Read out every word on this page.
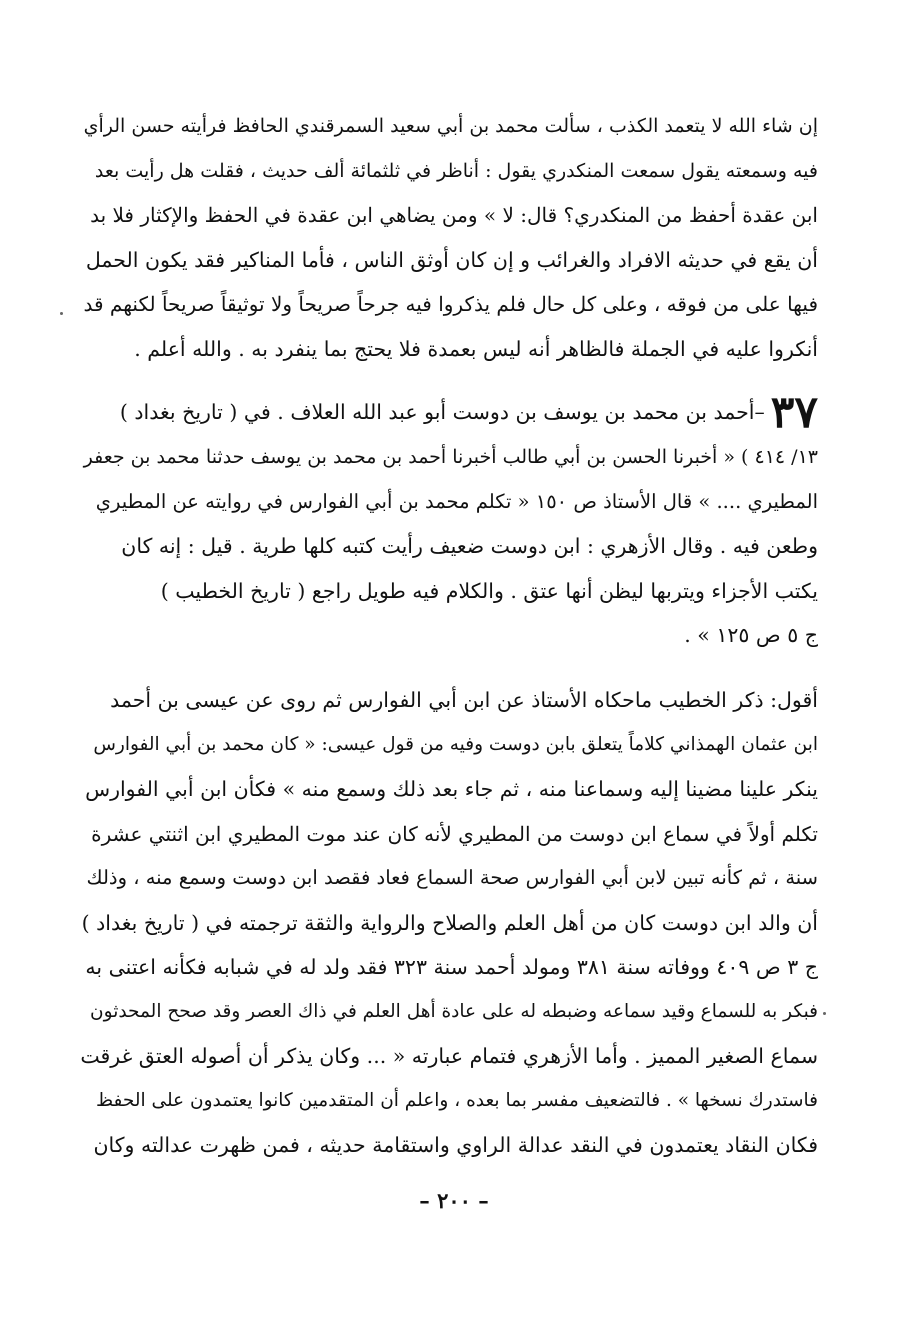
إن شاء الله لا يتعمد الكذب ، سألت محمد بن أبي سعيد السمرقندي الحافظ فرأيته حسن الرأي
فيه وسمعته يقول سمعت المنكدري يقول : أناظر في ثلثمائة ألف حديث ، فقلت هل رأيت بعد
ابن عقدة أحفظ من المنكدري؟ قال: لا » ومن يضاهي ابن عقدة في الحفظ والإكثار فلا بد
أن يقع في حديثه الافراد والغرائب و إن كان أوثق الناس ، فأما المناكير فقد يكون الحمل
فيها على من فوقه ، وعلى كل حال فلم يذكروا فيه جرحاً صريحاً ولا توثيقاً صريحاً لكنهم قد
أنكروا عليه في الجملة فالظاهر أنه ليس بعمدة فلا يحتج بما ينفرد به . والله أعلم .
٣٧–أحمد بن محمد بن يوسف بن دوست أبو عبد الله العلاف . في ( تاريخ بغداد )
١٣/ ٤١٤ ) « أخبرنا الحسن بن أبي طالب أخبرنا أحمد بن محمد بن يوسف حدثنا محمد بن جعفر
المطيري .... » قال الأستاذ ص ١٥٠ « تكلم محمد بن أبي الفوارس في روايته عن المطيري
وطعن فيه . وقال الأزهري : ابن دوست ضعيف رأيت كتبه كلها طرية . قيل : إنه كان
يكتب الأجزاء ويتربها ليظن أنها عتق . والكلام فيه طويل راجع ( تاريخ الخطيب )
ج ٥ ص ١٢٥ » .
أقول: ذكر الخطيب ماحكاه الأستاذ عن ابن أبي الفوارس ثم روى عن عيسى بن أحمد
ابن عثمان الهمذاني كلاماً يتعلق بابن دوست وفيه من قول عيسى: « كان محمد بن أبي الفوارس
ينكر علينا مضينا إليه وسماعنا منه ، ثم جاء بعد ذلك وسمع منه » فكأن ابن أبي الفوارس
تكلم أولاً في سماع ابن دوست من المطيري لأنه كان عند موت المطيري ابن اثنتي عشرة
سنة ، ثم كأنه تبين لابن أبي الفوارس صحة السماع فعاد فقصد ابن دوست وسمع منه ، وذلك
أن والد ابن دوست كان من أهل العلم والصلاح والرواية والثقة ترجمته في ( تاريخ بغداد )
ج ٣ ص ٤٠٩ ووفاته سنة ٣٨١ ومولد أحمد سنة ٣٢٣ فقد ولد له في شبابه فكأنه اعتنى به
فبكر به للسماع وقيد سماعه وضبطه له على عادة أهل العلم في ذاك العصر وقد صحح المحدثون
سماع الصغير المميز . وأما الأزهري فتمام عبارته « ... وكان يذكر أن أصوله العتق غرقت
فاستدرك نسخها » . فالتضعيف مفسر بما بعده ، واعلم أن المتقدمين كانوا يعتمدون على الحفظ
فكان النقاد يعتمدون في النقد عدالة الراوي واستقامة حديثه ، فمن ظهرت عدالته وكان
– ٢٠٠ –
